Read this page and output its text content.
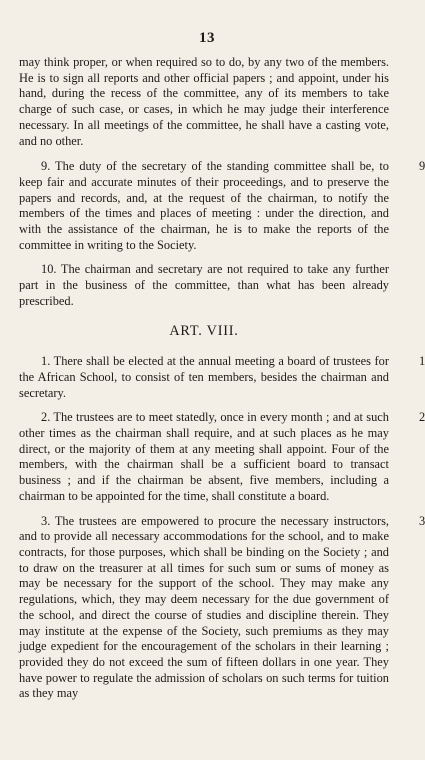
13

may think proper, or when required so to do, by any two of the members. He is to sign all reports and other official papers ; and appoint, under his hand, during the recess of the committee, any of its members to take charge of such case, or cases, in which he may judge their interference necessary. In all meetings of the committee, he shall have a casting vote, and no other.

9. The duty of the secretary of the standing committee shall be, to keep fair and accurate minutes of their proceedings, and to preserve the papers and records, and, at the request of the chairman, to notify the members of the times and places of meeting : under the direction, and with the assistance of the chairman, he is to make the reports of the committee in writing to the Society.
9
10. The chairman and secretary are not required to take any further part in the business of the committee, than what has been already prescribed.
ART. VIII.
1. There shall be elected at the annual meeting a board of trustees for the African School, to consist of ten members, besides the chairman and secretary.
1
2. The trustees are to meet statedly, once in every month ; and at such other times as the chairman shall require, and at such places as he may direct, or the majority of them at any meeting shall appoint. Four of the members, with the chairman shall be a sufficient board to transact business ; and if the chairman be absent, five members, including a chairman to be appointed for the time, shall constitute a board.
2
3. The trustees are empowered to procure the necessary instructors, and to provide all necessary accommodations for the school, and to make contracts, for those purposes, which shall be binding on the Society ; and to draw on the treasurer at all times for such sum or sums of money as may be necessary for the support of the school. They may make any regulations, which, they may deem necessary for the due government of the school, and direct the course of studies and discipline therein. They may institute at the expense of the Society, such premiums as they may judge expedient for the encouragement of the scholars in their learning ; provided they do not exceed the sum of fifteen dollars in one year. They have power to regulate the admission of scholars on such terms for tuition as they may
3
